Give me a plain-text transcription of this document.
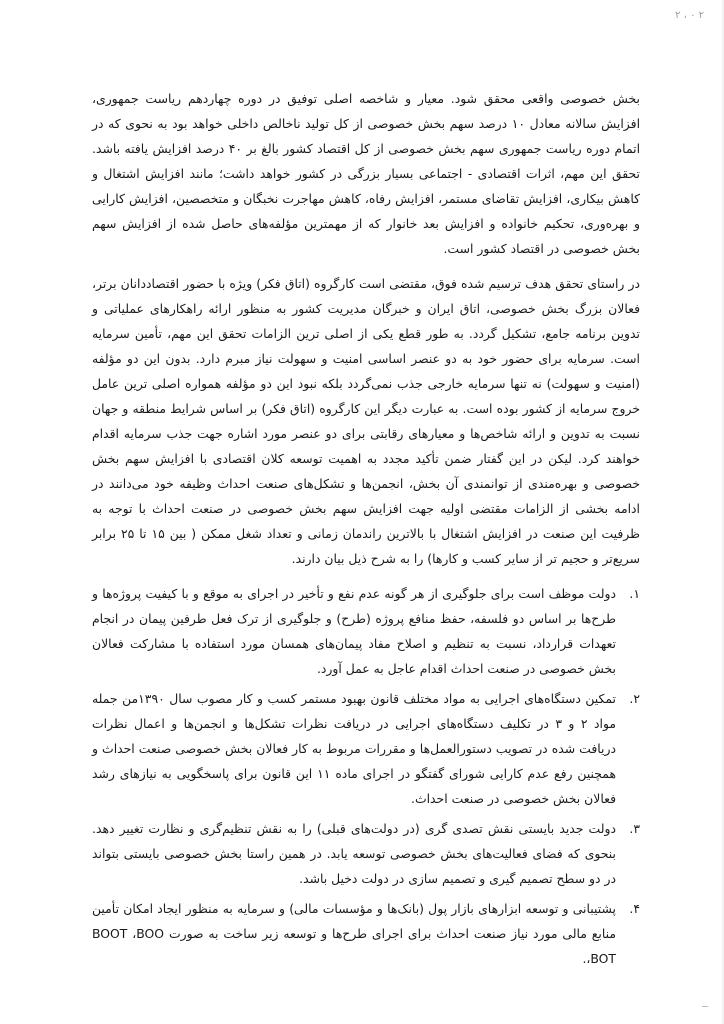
۲ ، ۰ ۲

بخش خصوصی واقعی محقق شود. معیار و شاخصه اصلی توفیق در دوره چهاردهم ریاست جمهوری، افزایش سالانه معادل ۱۰ درصد سهم بخش خصوصی از کل تولید ناخالص داخلی خواهد بود به نحوی که در اتمام دوره ریاست جمهوری سهم بخش خصوصی از کل اقتصاد کشور بالغ بر ۴۰ درصد افزایش یافته باشد. تحقق این مهم، اثرات اقتصادی - اجتماعی بسیار بزرگی در کشور خواهد داشت؛ مانند افزایش اشتغال و کاهش بیکاری، افزایش تقاضای مستمر، افزایش رفاه، کاهش مهاجرت نخبگان و متخصصین، افزایش کارایی و بهره‌وری، تحکیم خانواده و افزایش بعد خانوار که از مهمترین مؤلفه‌های حاصل شده از افزایش سهم بخش خصوصی در اقتصاد کشور است.

در راستای تحقق هدف ترسیم شده فوق، مقتضی است کارگروه (اتاق فکر) ویژه با حضور اقتصاددانان برتر، فعالان بزرگ بخش خصوصی، اتاق ایران و خبرگان مدیریت کشور به منظور ارائه راهکارهای عملیاتی و تدوین برنامه جامع، تشکیل گردد. به طور قطع یکی از اصلی ترین الزامات تحقق این مهم، تأمین سرمایه است. سرمایه برای حضور خود به دو عنصر اساسی امنیت و سهولت نیاز مبرم دارد. بدون این دو مؤلفه (امنیت و سهولت) نه تنها سرمایه خارجی جذب نمی‌گردد بلکه نبود این دو مؤلفه همواره اصلی ترین عامل خروج سرمایه از کشور بوده است. به عبارت دیگر این کارگروه (اتاق فکر) بر اساس شرایط منطقه و جهان نسبت به تدوین و ارائه شاخص‌ها و معیارهای رقابتی برای دو عنصر مورد اشاره جهت جذب سرمایه اقدام خواهند کرد. لیکن در این گفتار ضمن تأکید مجدد به اهمیت توسعه کلان اقتصادی با افزایش سهم بخش خصوصی و بهره‌مندی از توانمندی آن بخش، انجمن‌ها و تشکل‌های صنعت احداث وظیفه خود می‌دانند در ادامه بخشی از الزامات مقتضی اولیه جهت افزایش سهم بخش خصوصی در صنعت احداث با توجه به ظرفیت این صنعت در افزایش اشتغال با بالاترین راندمان زمانی و تعداد شغل ممکن ( بین ۱۵ تا ۲۵ برابر سریع‌تر و حجیم تر از سایر کسب و کارها) را به شرح ذیل بیان دارند.

۱.
دولت موظف است برای جلوگیری از هر گونه عدم نفع و تأخیر در اجرای به موقع و با کیفیت پروژه‌ها و طرح‌ها بر اساس دو فلسفه، حفظ منافع پروژه (طرح) و جلوگیری از ترک فعل طرفین پیمان در انجام تعهدات قرارداد، نسبت به تنظیم و اصلاح مفاد پیمان‌های همسان مورد استفاده با مشارکت فعالان بخش خصوصی در صنعت احداث اقدام عاجل به عمل آورد.
۲.
تمکین دستگاه‌های اجرایی به مواد مختلف قانون بهبود مستمر کسب و کار مصوب سال ۱۳۹۰من جمله مواد ۲ و ۳ در تکلیف دستگاه‌های اجرایی در دریافت نظرات تشکل‌ها و انجمن‌ها و اعمال نظرات دریافت شده در تصویب دستورالعمل‌ها و مقررات مربوط به کار فعالان بخش خصوصی صنعت احداث و همچنین رفع عدم کارایی شورای گفتگو در اجرای ماده ۱۱ این قانون برای پاسخگویی به نیازهای رشد فعالان بخش خصوصی در صنعت احداث.
۳.
دولت جدید بایستی نقش تصدی گری (در دولت‌های قبلی) را به نقش تنظیم‌گری و نظارت تغییر دهد. بنحوی که فضای فعالیت‌های بخش خصوصی توسعه یابد. در همین راستا بخش خصوصی بایستی بتواند در دو سطح تصمیم گیری و تصمیم سازی در دولت دخیل باشد.
۴.
پشتیبانی و توسعه ابزارهای بازار پول (بانک‌ها و مؤسسات مالی) و سرمایه به منظور ایجاد امکان تأمین منابع مالی مورد نیاز صنعت احداث برای اجرای طرح‌ها و توسعه زیر ساخت به صورت BOOT ،BOO ،BOT.
